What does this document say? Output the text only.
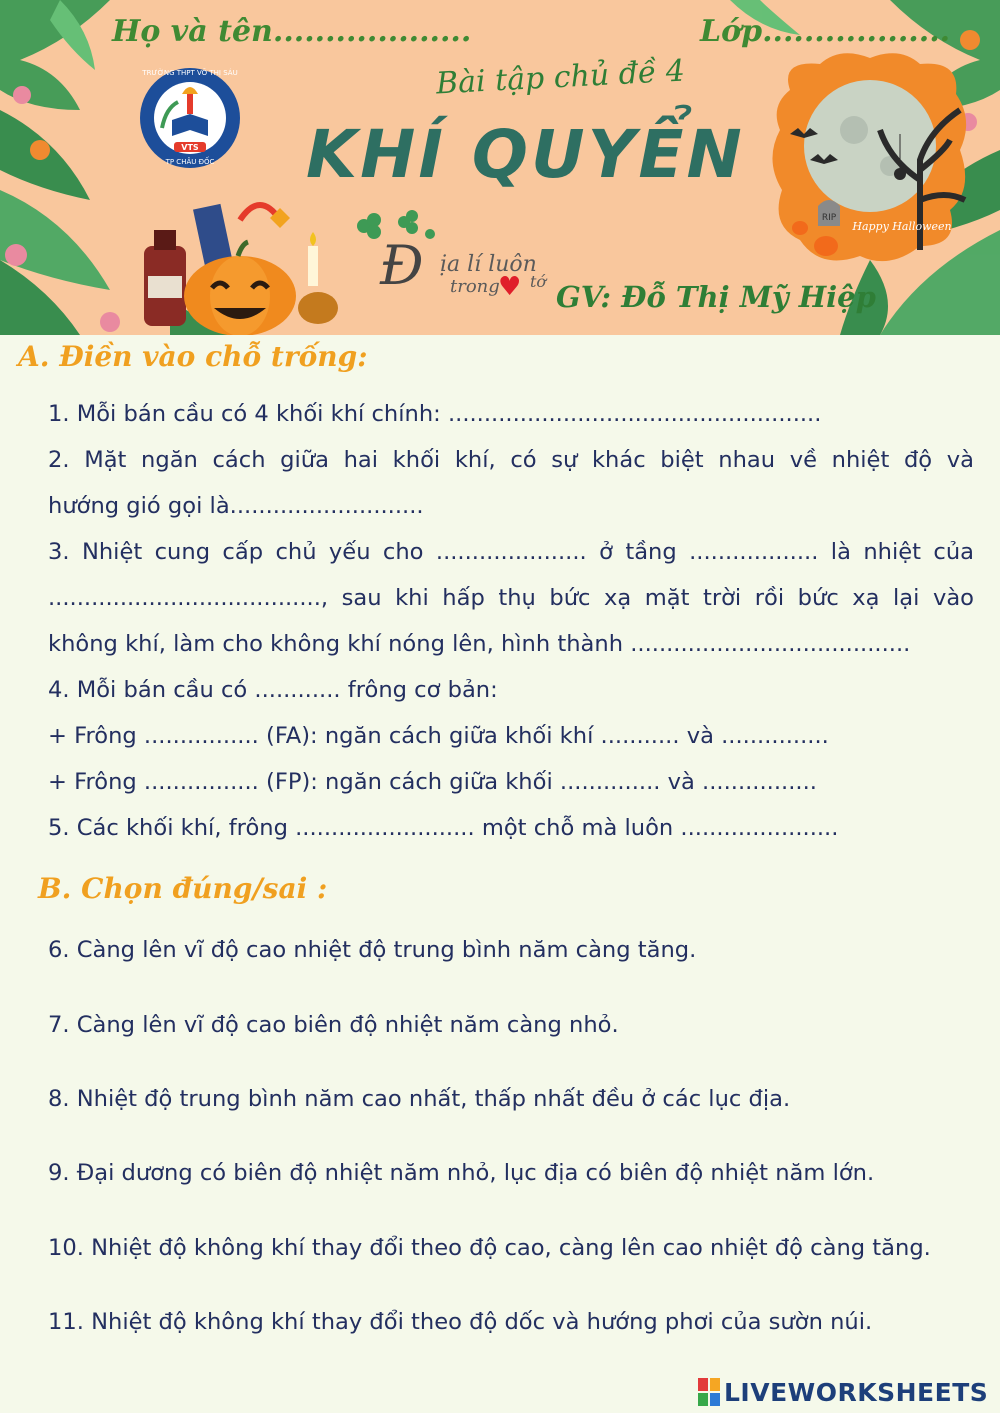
Họ và tên...................	Lớp..................
VTS
TRƯỜNG THPT VÕ THỊ SÁU
TP CHÂU ĐỐC
Bài tập chủ đề 4
KHÍ QUYỂN
Đ ịa lí luôn
trong
♥ tớ GV: Đỗ Thị Mỹ Hiệp
RIP
Happy Halloween
A. Điền vào chỗ trống:
1. Mỗi bán cầu có 4 khối khí chính: ....................................................
2. Mặt ngăn cách giữa hai khối khí, có sự khác biệt nhau về nhiệt độ và
hướng gió gọi là...........................
3. Nhiệt cung cấp chủ yếu cho ..................... ở tầng .................. là nhiệt của
......................................, sau khi hấp thụ bức xạ mặt trời rồi bức xạ lại vào
không khí, làm cho không khí nóng lên, hình thành .......................................
4. Mỗi bán cầu có ............ frông cơ bản:
+ Frông ................ (FA): ngăn cách giữa khối khí ........... và ...............
+ Frông ................ (FP): ngăn cách giữa khối .............. và ................
5. Các khối khí, frông ......................... một chỗ mà luôn ......................
B. Chọn đúng/sai :
6. Càng lên vĩ độ cao nhiệt độ trung bình năm càng tăng.
7. Càng lên vĩ độ cao biên độ nhiệt năm càng nhỏ.
8. Nhiệt độ trung bình năm cao nhất, thấp nhất đều ở các lục địa.
9. Đại dương có biên độ nhiệt năm nhỏ, lục địa có biên độ nhiệt năm lớn.
10. Nhiệt độ không khí thay đổi theo độ cao, càng lên cao nhiệt độ càng tăng.
11. Nhiệt độ không khí thay đổi theo độ dốc và hướng phơi của sườn núi.
LIVEWORKSHEETS
